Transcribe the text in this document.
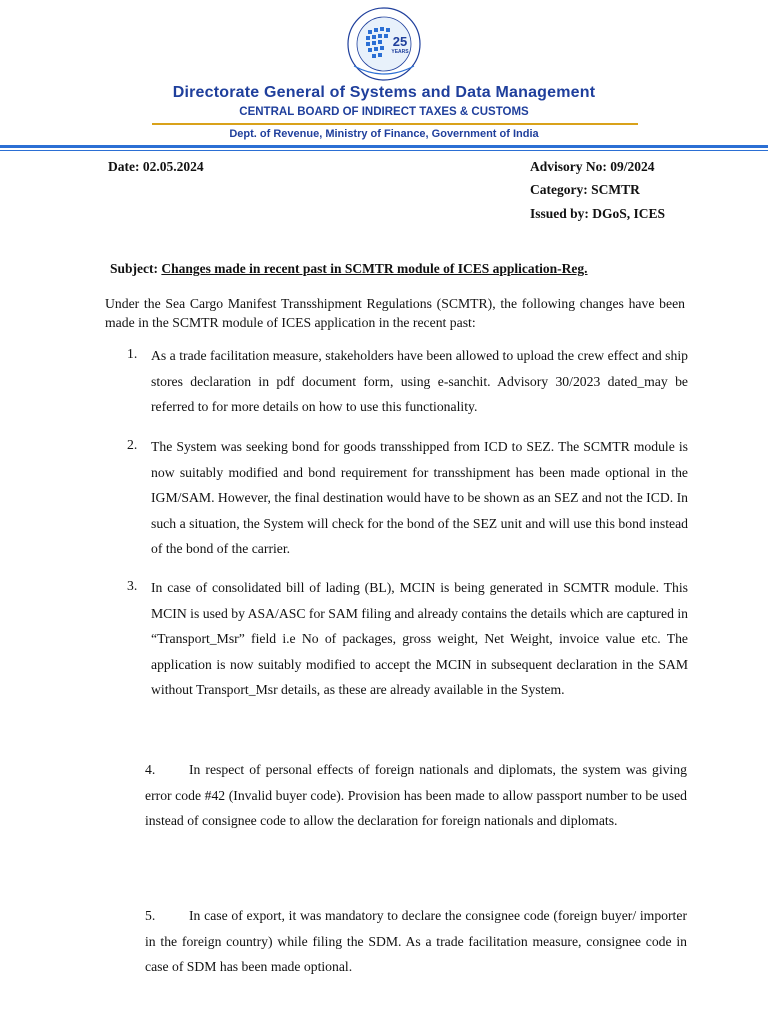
25
YEARS
Directorate General of Systems and Data Management
CENTRAL BOARD OF INDIRECT TAXES & CUSTOMS
Dept. of Revenue, Ministry of Finance, Government of India
Date: 02.05.2024	Advisory No: 09/2024
Category: SCMTR
Issued by: DGoS, ICES
Subject: Changes made in recent past in SCMTR module of ICES application-Reg.
Under the Sea Cargo Manifest Transshipment Regulations (SCMTR), the following changes have been made in the SCMTR module of ICES application in the recent past:
1. As a trade facilitation measure, stakeholders have been allowed to upload the crew effect and ship stores declaration in pdf document form, using e-sanchit. Advisory 30/2023 dated_may be referred to for more details on how to use this functionality.
2. The System was seeking bond for goods transshipped from ICD to SEZ. The SCMTR module is now suitably modified and bond requirement for transshipment has been made optional in the IGM/SAM. However, the final destination would have to be shown as an SEZ and not the ICD. In such a situation, the System will check for the bond of the SEZ unit and will use this bond instead of the bond of the carrier.
3. In case of consolidated bill of lading (BL), MCIN is being generated in SCMTR module. This MCIN is used by ASA/ASC for SAM filing and already contains the details which are captured in “Transport_Msr” field i.e No of packages, gross weight, Net Weight, invoice value etc. The application is now suitably modified to accept the MCIN in subsequent declaration in the SAM without Transport_Msr details, as these are already available in the System.
4. In respect of personal effects of foreign nationals and diplomats, the system was giving error code #42 (Invalid buyer code). Provision has been made to allow passport number to be used instead of consignee code to allow the declaration for foreign nationals and diplomats.
5. In case of export, it was mandatory to declare the consignee code (foreign buyer/ importer in the foreign country) while filing the SDM. As a trade facilitation measure, consignee code in case of SDM has been made optional.
